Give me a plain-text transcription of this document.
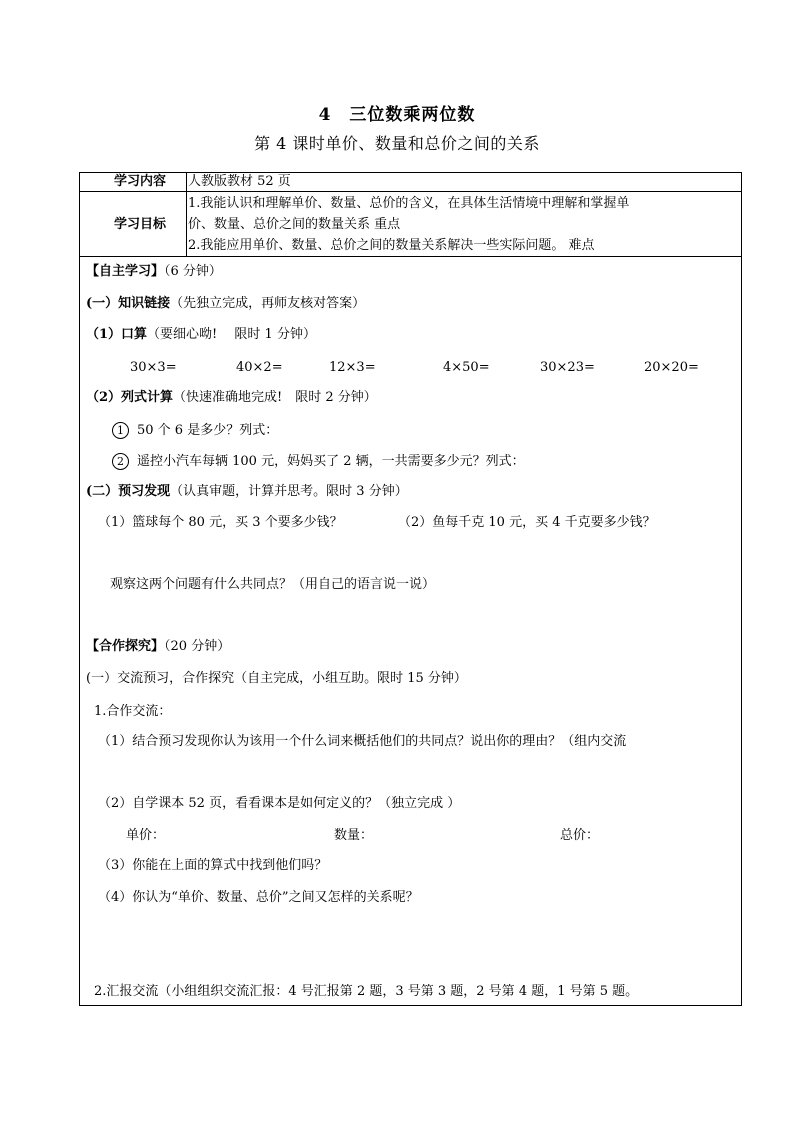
4　三位数乘两位数
第 4 课时单价、数量和总价之间的关系
学习内容	人教版教材 52 页
学习目标
1.我能认识和理解单价、数量、总价的含义，在具体生活情境中理解和掌握单
价、数量、总价之间的数量关系 重点
2.我能应用单价、数量、总价之间的数量关系解决一些实际问题。 难点
【自主学习】（6 分钟）
(一）知识链接（先独立完成，再师友核对答案）
（1）口算（要细心呦!　 限时 1 分钟）
30×3=	40×2=	12×3=	4×50=	30×23=	20×20=
（2）列式计算（快速准确地完成!　限时 2 分钟）
1 50 个 6 是多少？列式：
2 遥控小汽车每辆 100 元，妈妈买了 2 辆，一共需要多少元？列式：
(二）预习发现（认真审题，计算并思考。限时 3 分钟）
（1）篮球每个 80 元，买 3 个要多少钱？	（2）鱼每千克 10 元，买 4 千克要多少钱？
观察这两个问题有什么共同点？（用自己的语言说一说）
【合作探究】（20 分钟）
(一）交流预习，合作探究（自主完成，小组互助。限时 15 分钟）
1.合作交流：
（1）结合预习发现你认为该用一个什么词来概括他们的共同点？说出你的理由？（组内交流
（2）自学课本 52 页，看看课本是如何定义的？（独立完成 ）
单价：	数量：	总价：
（3）你能在上面的算式中找到他们吗？
（4）你认为“单价、数量、总价”之间又怎样的关系呢？
2.汇报交流（小组组织交流汇报：4 号汇报第 2 题，3 号第 3 题，2 号第 4 题，1 号第 5 题。
